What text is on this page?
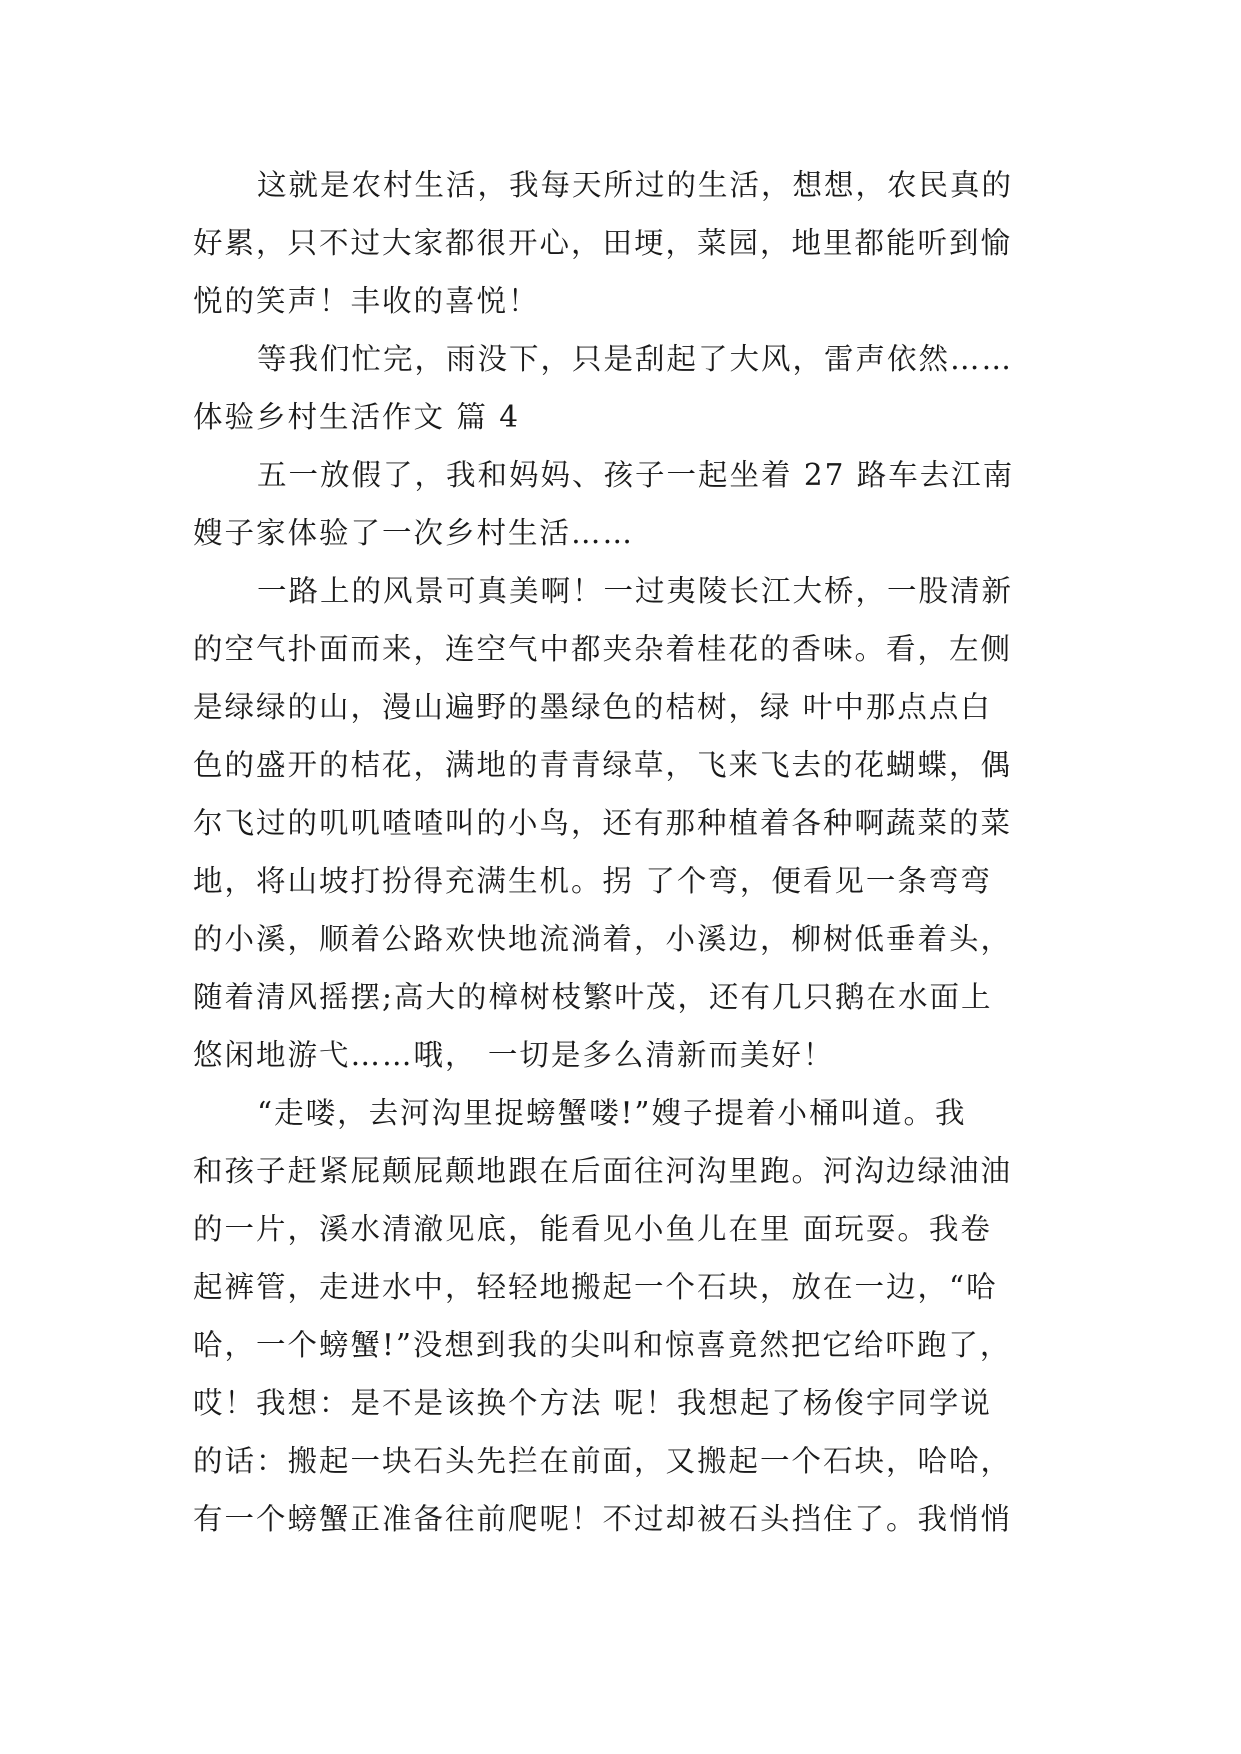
这就是农村生活，我每天所过的生活，想想，农民真的
好累，只不过大家都很开心，田埂，菜园，地里都能听到愉
悦的笑声！丰收的喜悦！
等我们忙完，雨没下，只是刮起了大风，雷声依然……
体验乡村生活作文 篇 4
五一放假了，我和妈妈、孩子一起坐着 27 路车去江南
嫂子家体验了一次乡村生活……
一路上的风景可真美啊！一过夷陵长江大桥，一股清新
的空气扑面而来，连空气中都夹杂着桂花的香味。看，左侧
是绿绿的山，漫山遍野的墨绿色的桔树，绿 叶中那点点白
色的盛开的桔花，满地的青青绿草，飞来飞去的花蝴蝶，偶
尔飞过的叽叽喳喳叫的小鸟，还有那种植着各种啊蔬菜的菜
地，将山坡打扮得充满生机。拐 了个弯，便看见一条弯弯
的小溪，顺着公路欢快地流淌着，小溪边，柳树低垂着头，
随着清风摇摆;高大的樟树枝繁叶茂，还有几只鹅在水面上
悠闲地游弋……哦， 一切是多么清新而美好！
“走喽，去河沟里捉螃蟹喽!”嫂子提着小桶叫道。我
和孩子赶紧屁颠屁颠地跟在后面往河沟里跑。河沟边绿油油
的一片，溪水清澈见底，能看见小鱼儿在里 面玩耍。我卷
起裤管，走进水中，轻轻地搬起一个石块，放在一边，“哈
哈，一个螃蟹!”没想到我的尖叫和惊喜竟然把它给吓跑了，
哎！我想：是不是该换个方法 呢！我想起了杨俊宇同学说
的话：搬起一块石头先拦在前面，又搬起一个石块，哈哈，
有一个螃蟹正准备往前爬呢！不过却被石头挡住了。我悄悄
